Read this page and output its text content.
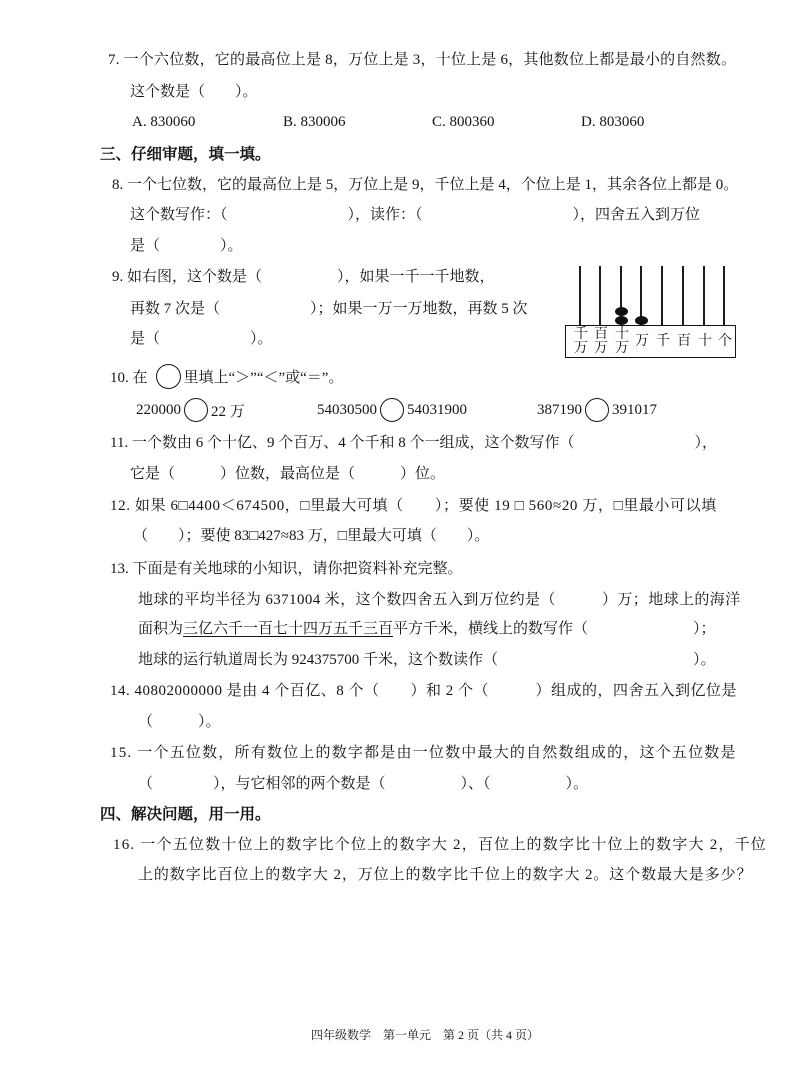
7. 一个六位数，它的最高位上是 8，万位上是 3，十位上是 6，其他数位上都是最小的自然数。
这个数是（　　）。
A. 830060	B. 830006	C. 800360	D. 803060
三、仔细审题，填一填。
8. 一个七位数，它的最高位上是 5，万位上是 9，千位上是 4，个位上是 1，其余各位上都是 0。
这个数写作：（　　　　　　　　），读作：（　　　　　　　　　　），四舍五入到万位
是（　　　　）。
9. 如右图，这个数是（　　　　　），如果一千一千地数，
再数 7 次是（　　　　　　）；如果一万一万地数，再数 5 次
是（　　　　　　）。	千万
百万
十万 万 千 百 十 个
10. 在 里填上“＞”“＜”或“＝”。
220000 22 万	54030500 54031900	387190 391017
11. 一个数由 6 个十亿、9 个百万、4 个千和 8 个一组成，这个数写作（　　　　　　　　），
它是（　　　）位数，最高位是（　　　）位。
12. 如果 6□4400＜674500，□里最大可填（　　）；要使 19 □ 560≈20 万，□里最小可以填
（　　）；要使 83□427≈83 万，□里最大可填（　　）。
13. 下面是有关地球的小知识，请你把资料补充完整。
地球的平均半径为 6371004 米，这个数四舍五入到万位约是（　　　）万；地球上的海洋
面积为三亿六千一百七十四万五千三百平方千米，横线上的数写作（　　　　　　　）；
地球的运行轨道周长为 924375700 千米，这个数读作（　　　　　　　　　　　　　）。
14. 40802000000 是由 4 个百亿、8 个（　　）和 2 个（　　　）组成的，四舍五入到亿位是
（　　　）。
15. 一个五位数，所有数位上的数字都是由一位数中最大的自然数组成的，这个五位数是
（　　　　），与它相邻的两个数是（　　　　　）、（　　　　　）。
四、解决问题，用一用。
16. 一个五位数十位上的数字比个位上的数字大 2，百位上的数字比十位上的数字大 2，千位
上的数字比百位上的数字大 2，万位上的数字比千位上的数字大 2。这个数最大是多少？
四年级数学　第一单元　第 2 页（共 4 页）
